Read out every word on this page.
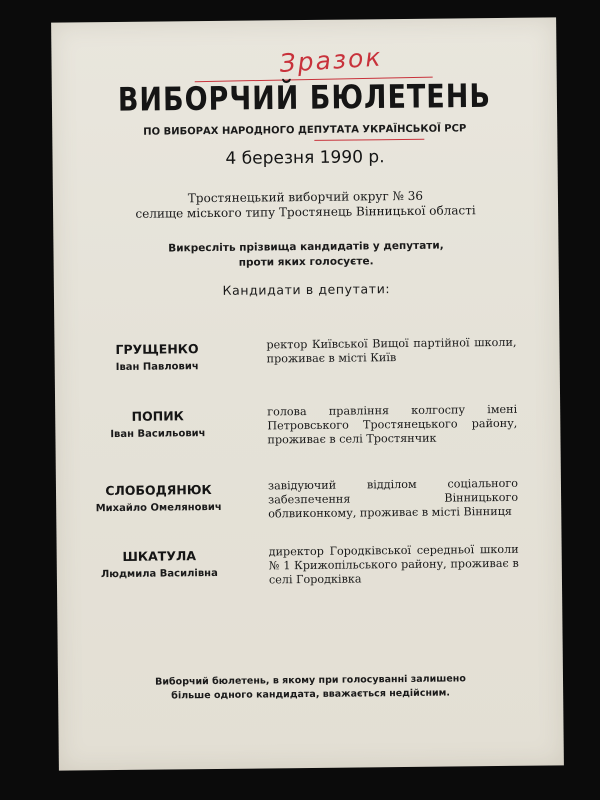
Зразок
ВИБОРЧИЙ БЮЛЕТЕНЬ
ПО ВИБОРАХ НАРОДНОГО ДЕПУТАТА УКРАЇНСЬКОЇ РСР
4 березня 1990 р.
Тростянецький виборчий округ № 36
селище міського типу Тростянець Вінницької області
Викресліть прізвища кандидатів у депутати,
проти яких голосуєте.
Кандидати в депутати:
ГРУЩЕНКО
Іван Павлович
ректор Київської Вищої партійної школи, проживає в місті Київ
ПОПИК
Іван Васильович
голова правління колгоспу імені Петровського Тростянецького району, проживає в селі Тростянчик
СЛОБОДЯНЮК
Михайло Омелянович
завідуючий відділом соціального забезпечення Вінницького облвиконкому, проживає в місті Вінниця
ШКАТУЛА
Людмила Василівна
директор Городківської середньої школи № 1 Крижопільського району, проживає в селі Городківка
Виборчий бюлетень, в якому при голосуванні залишено
більше одного кандидата, вважається недійсним.
